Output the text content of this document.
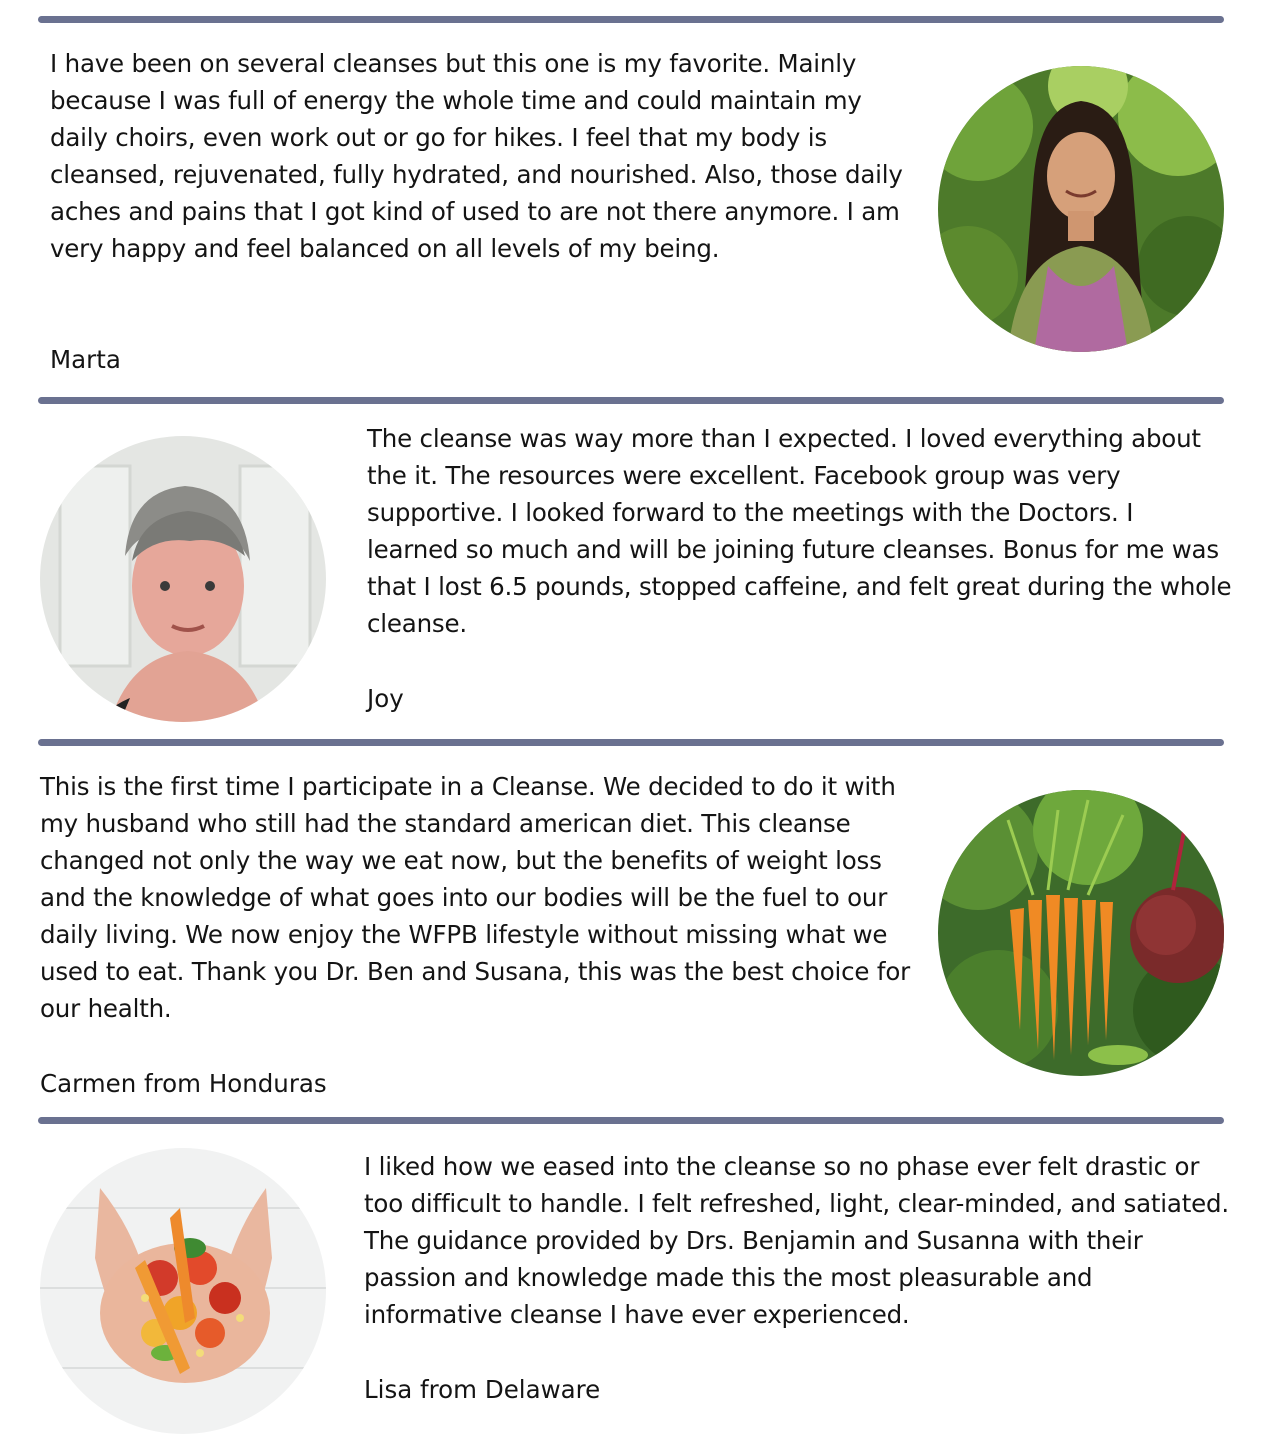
I have been on several cleanses but this one is my favorite. Mainly because I was full of energy the whole time and could maintain my daily choirs, even work out or go for hikes. I feel that my body is cleansed, rejuvenated, fully hydrated, and nourished. Also, those daily aches and pains that I got kind of used to are not there anymore. I am very happy and feel balanced on all levels of my being.

Marta

The cleanse was way more than I expected. I loved everything about the it. The resources were excellent. Facebook group was very supportive. I looked forward to the meetings with the Doctors. I learned so much and will be joining future cleanses. Bonus for me was that I lost 6.5 pounds, stopped caffeine, and felt great during the whole cleanse.

Joy

This is the first time I participate in a Cleanse. We decided to do it with my husband who still had the standard american diet. This cleanse changed not only the way we eat now, but the benefits of weight loss and the knowledge of what goes into our bodies will be the fuel to our daily living. We now enjoy the WFPB lifestyle without missing what we used to eat. Thank you Dr. Ben and Susana, this was the best choice for our health.

Carmen from Honduras

I liked how we eased into the cleanse so no phase ever felt drastic or too difficult to handle. I felt refreshed, light, clear-minded, and satiated. The guidance provided by Drs. Benjamin and Susanna with their passion and knowledge made this the most pleasurable and informative cleanse I have ever experienced.

Lisa from Delaware
